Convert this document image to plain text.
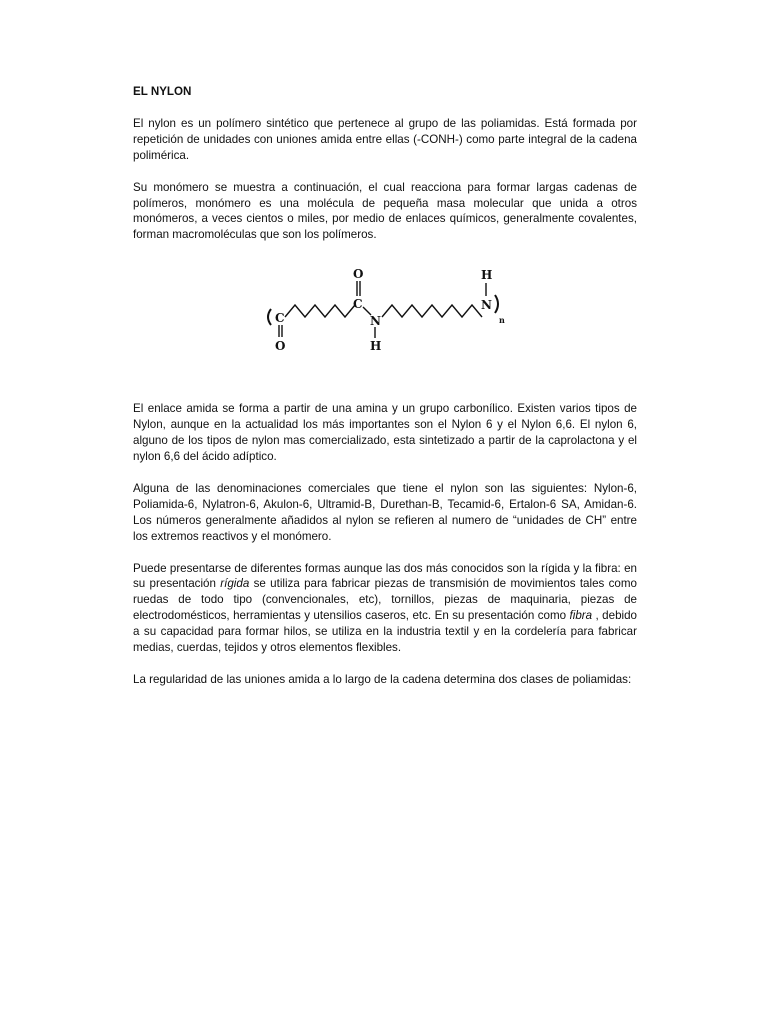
EL NYLON

El nylon es un polímero sintético que pertenece al grupo de las poliamidas. Está formada por repetición de unidades con uniones amida entre ellas (-CONH-) como parte integral de la cadena polimérica.

Su monómero se muestra a continuación, el cual reacciona para formar largas cadenas de polímeros, monómero es una molécula de pequeña masa molecular que unida a otros monómeros, a veces cientos o miles, por medio de enlaces químicos, generalmente covalentes, forman macromoléculas que son los polímeros.

C
O
C
O
N
H
N
H
n

El enlace amida se forma a partir de una amina y un grupo carbonílico. Existen varios tipos de Nylon, aunque en la actualidad los más importantes son el Nylon 6 y el Nylon 6,6. El nylon 6, alguno de los tipos de nylon mas comercializado, esta sintetizado a partir de la caprolactona y el nylon 6,6 del ácido adíptico.

Alguna de las denominaciones comerciales que tiene el nylon son las siguientes: Nylon-6, Poliamida-6, Nylatron-6, Akulon-6, Ultramid-B, Durethan-B, Tecamid-6, Ertalon-6 SA, Amidan-6. Los números generalmente añadidos al nylon se refieren al numero de “unidades de CH” entre los extremos reactivos y el monómero.

Puede presentarse de diferentes formas aunque las dos más conocidos son la rígida y la fibra: en su presentación rígida se utiliza para fabricar piezas de transmisión de movimientos tales como ruedas de todo tipo (convencionales, etc), tornillos, piezas de maquinaria, piezas de electrodomésticos, herramientas y utensilios caseros, etc. En su presentación como fibra , debido a su capacidad para formar hilos, se utiliza en la industria textil y en la cordelería para fabricar medias, cuerdas, tejidos y otros elementos flexibles.

La regularidad de las uniones amida a lo largo de la cadena determina dos clases de poliamidas:
